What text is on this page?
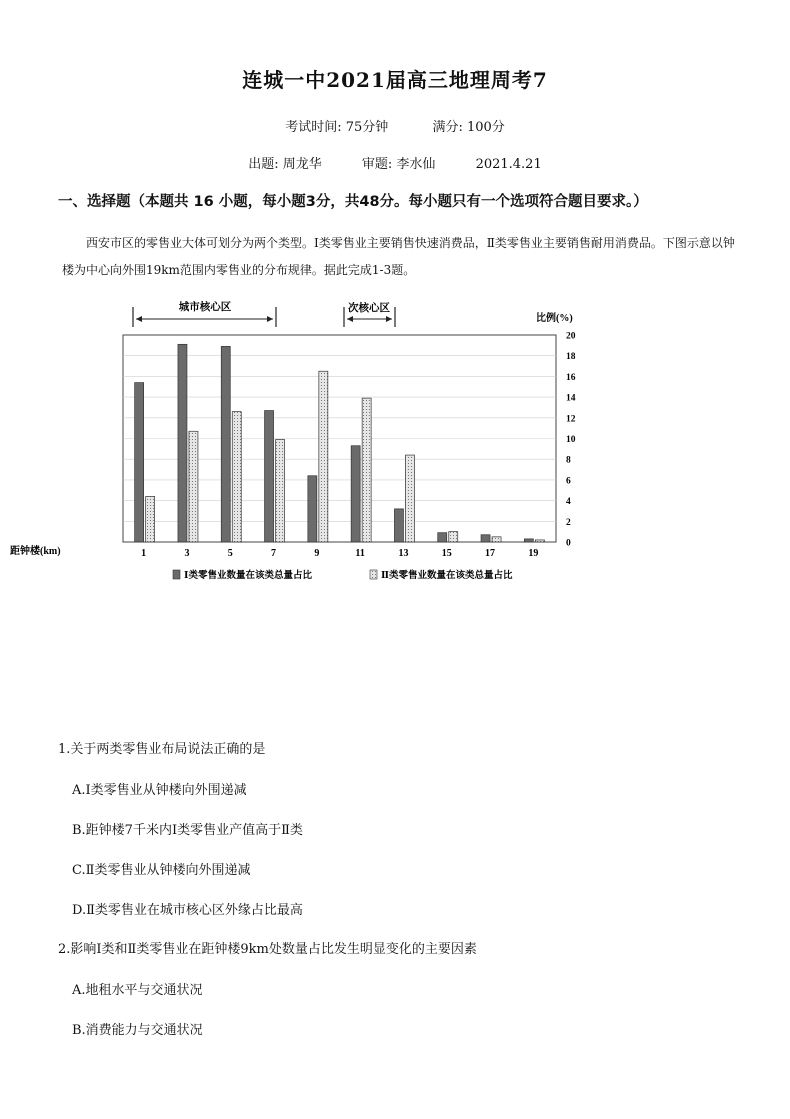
连城一中2021届高三地理周考7
考试时间: 75分钟	满分: 100分
出题: 周龙华	审题: 李水仙	2021.4.21
一、选择题（本题共 16 小题，每小题3分，共48分。每小题只有一个选项符合题目要求。）
西安市区的零售业大体可划分为两个类型。Ⅰ类零售业主要销售快速消费品，Ⅱ类零售业主要销售耐用消费品。下图示意以钟楼为中心向外围19km范围内零售业的分布规律。据此完成1-3题。
0
2
4
6
8
10
12
14
16
18
20
1	3	5	7	9	11	13	15	17	19
比例(%)
距钟楼(km)
城市核心区	次核心区
Ⅰ类零售业数量在该类总量占比	Ⅱ类零售业数量在该类总量占比
1.关于两类零售业布局说法正确的是
A.Ⅰ类零售业从钟楼向外围递减
B.距钟楼7千米内Ⅰ类零售业产值高于Ⅱ类
C.Ⅱ类零售业从钟楼向外围递减
D.Ⅱ类零售业在城市核心区外缘占比最高
2.影响Ⅰ类和Ⅱ类零售业在距钟楼9km处数量占比发生明显变化的主要因素
A.地租水平与交通状况
B.消费能力与交通状况
